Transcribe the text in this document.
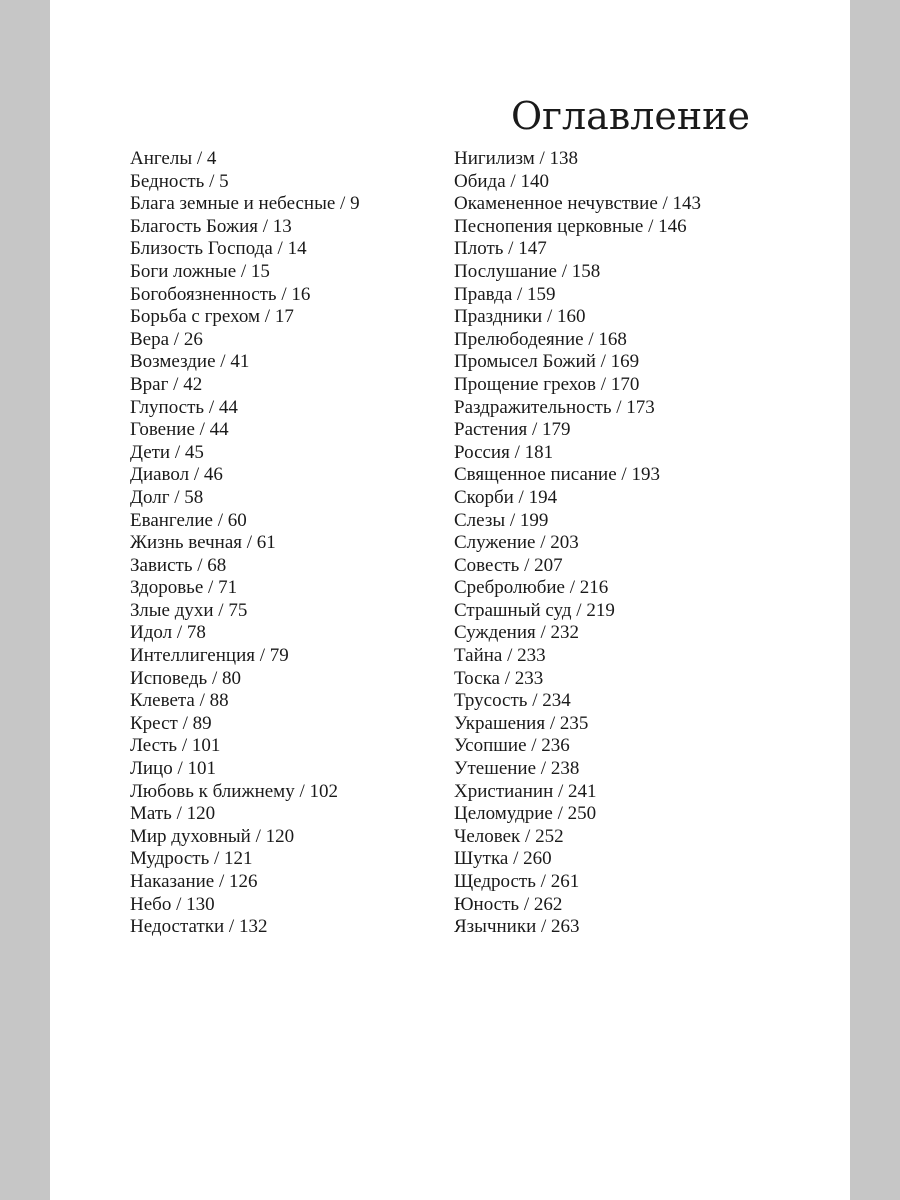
Оглавление
Ангелы / 4
Бедность / 5
Блага земные и небесные / 9
Благость Божия / 13
Близость Господа / 14
Боги ложные / 15
Богобоязненность / 16
Борьба с грехом / 17
Вера / 26
Возмездие / 41
Враг / 42
Глупость / 44
Говение / 44
Дети / 45
Диавол / 46
Долг / 58
Евангелие / 60
Жизнь вечная / 61
Зависть / 68
Здоровье / 71
Злые духи / 75
Идол / 78
Интеллигенция / 79
Исповедь / 80
Клевета / 88
Крест / 89
Лесть / 101
Лицо / 101
Любовь к ближнему / 102
Мать / 120
Мир духовный / 120
Мудрость / 121
Наказание / 126
Небо / 130
Недостатки / 132
Нигилизм / 138
Обида / 140
Окамененное нечувствие / 143
Песнопения церковные / 146
Плоть / 147
Послушание / 158
Правда / 159
Праздники / 160
Прелюбодеяние / 168
Промысел Божий / 169
Прощение грехов / 170
Раздражительность / 173
Растения / 179
Россия / 181
Священное писание / 193
Скорби / 194
Слезы / 199
Служение / 203
Совесть / 207
Сребролюбие / 216
Страшный суд / 219
Суждения / 232
Тайна / 233
Тоска / 233
Трусость / 234
Украшения / 235
Усопшие / 236
Утешение / 238
Христианин / 241
Целомудрие / 250
Человек / 252
Шутка / 260
Щедрость / 261
Юность / 262
Язычники / 263
